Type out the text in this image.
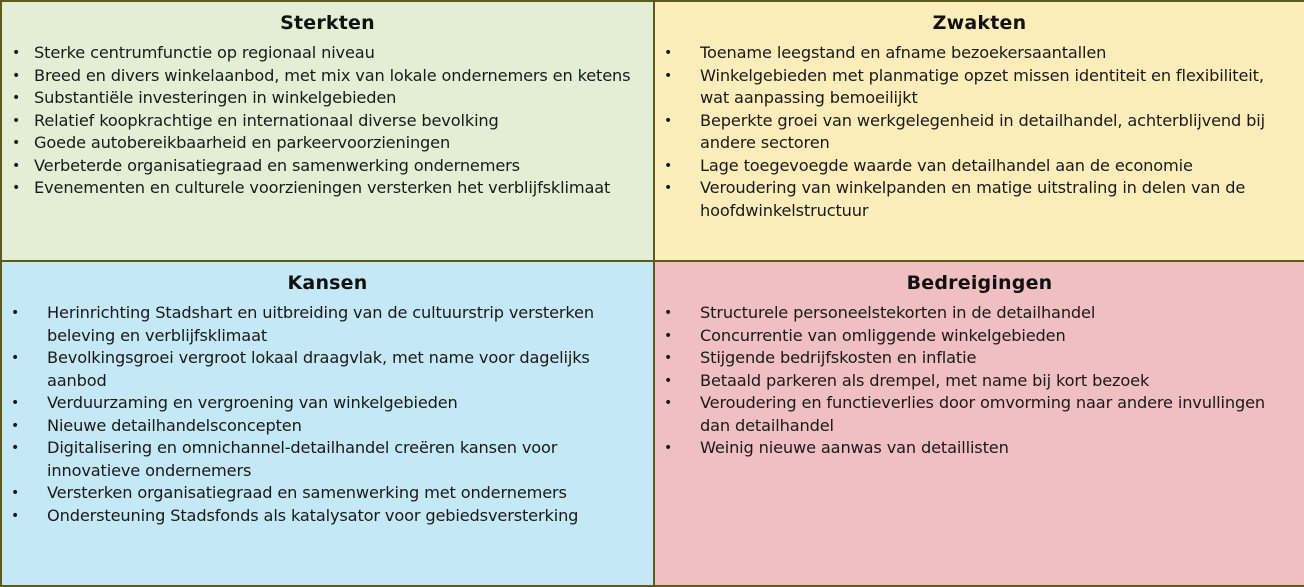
Sterkten
• Sterke centrumfunctie op regionaal niveau
• Breed en divers winkelaanbod, met mix van lokale ondernemers en ketens
• Substantiële investeringen in winkelgebieden
• Relatief koopkrachtige en internationaal diverse bevolking
• Goede autobereikbaarheid en parkeervoorzieningen
• Verbeterde organisatiegraad en samenwerking ondernemers
• Evenementen en culturele voorzieningen versterken het verblijfsklimaat
Zwakten
• Toename leegstand en afname bezoekersaantallen
• Winkelgebieden met planmatige opzet missen identiteit en flexibiliteit, wat aanpassing bemoeilijkt
• Beperkte groei van werkgelegenheid in detailhandel, achterblijvend bij andere sectoren
• Lage toegevoegde waarde van detailhandel aan de economie
• Veroudering van winkelpanden en matige uitstraling in delen van de hoofdwinkelstructuur
Kansen
• Herinrichting Stadshart en uitbreiding van de cultuurstrip versterken beleving en verblijfsklimaat
• Bevolkingsgroei vergroot lokaal draagvlak, met name voor dagelijks aanbod
• Verduurzaming en vergroening van winkelgebieden
• Nieuwe detailhandelsconcepten
• Digitalisering en omnichannel-detailhandel creëren kansen voor innovatieve ondernemers
• Versterken organisatiegraad en samenwerking met ondernemers
• Ondersteuning Stadsfonds als katalysator voor gebiedsversterking
Bedreigingen
• Structurele personeelstekorten in de detailhandel
• Concurrentie van omliggende winkelgebieden
• Stijgende bedrijfskosten en inflatie
• Betaald parkeren als drempel, met name bij kort bezoek
• Veroudering en functieverlies door omvorming naar andere invullingen dan detailhandel
• Weinig nieuwe aanwas van detaillisten
